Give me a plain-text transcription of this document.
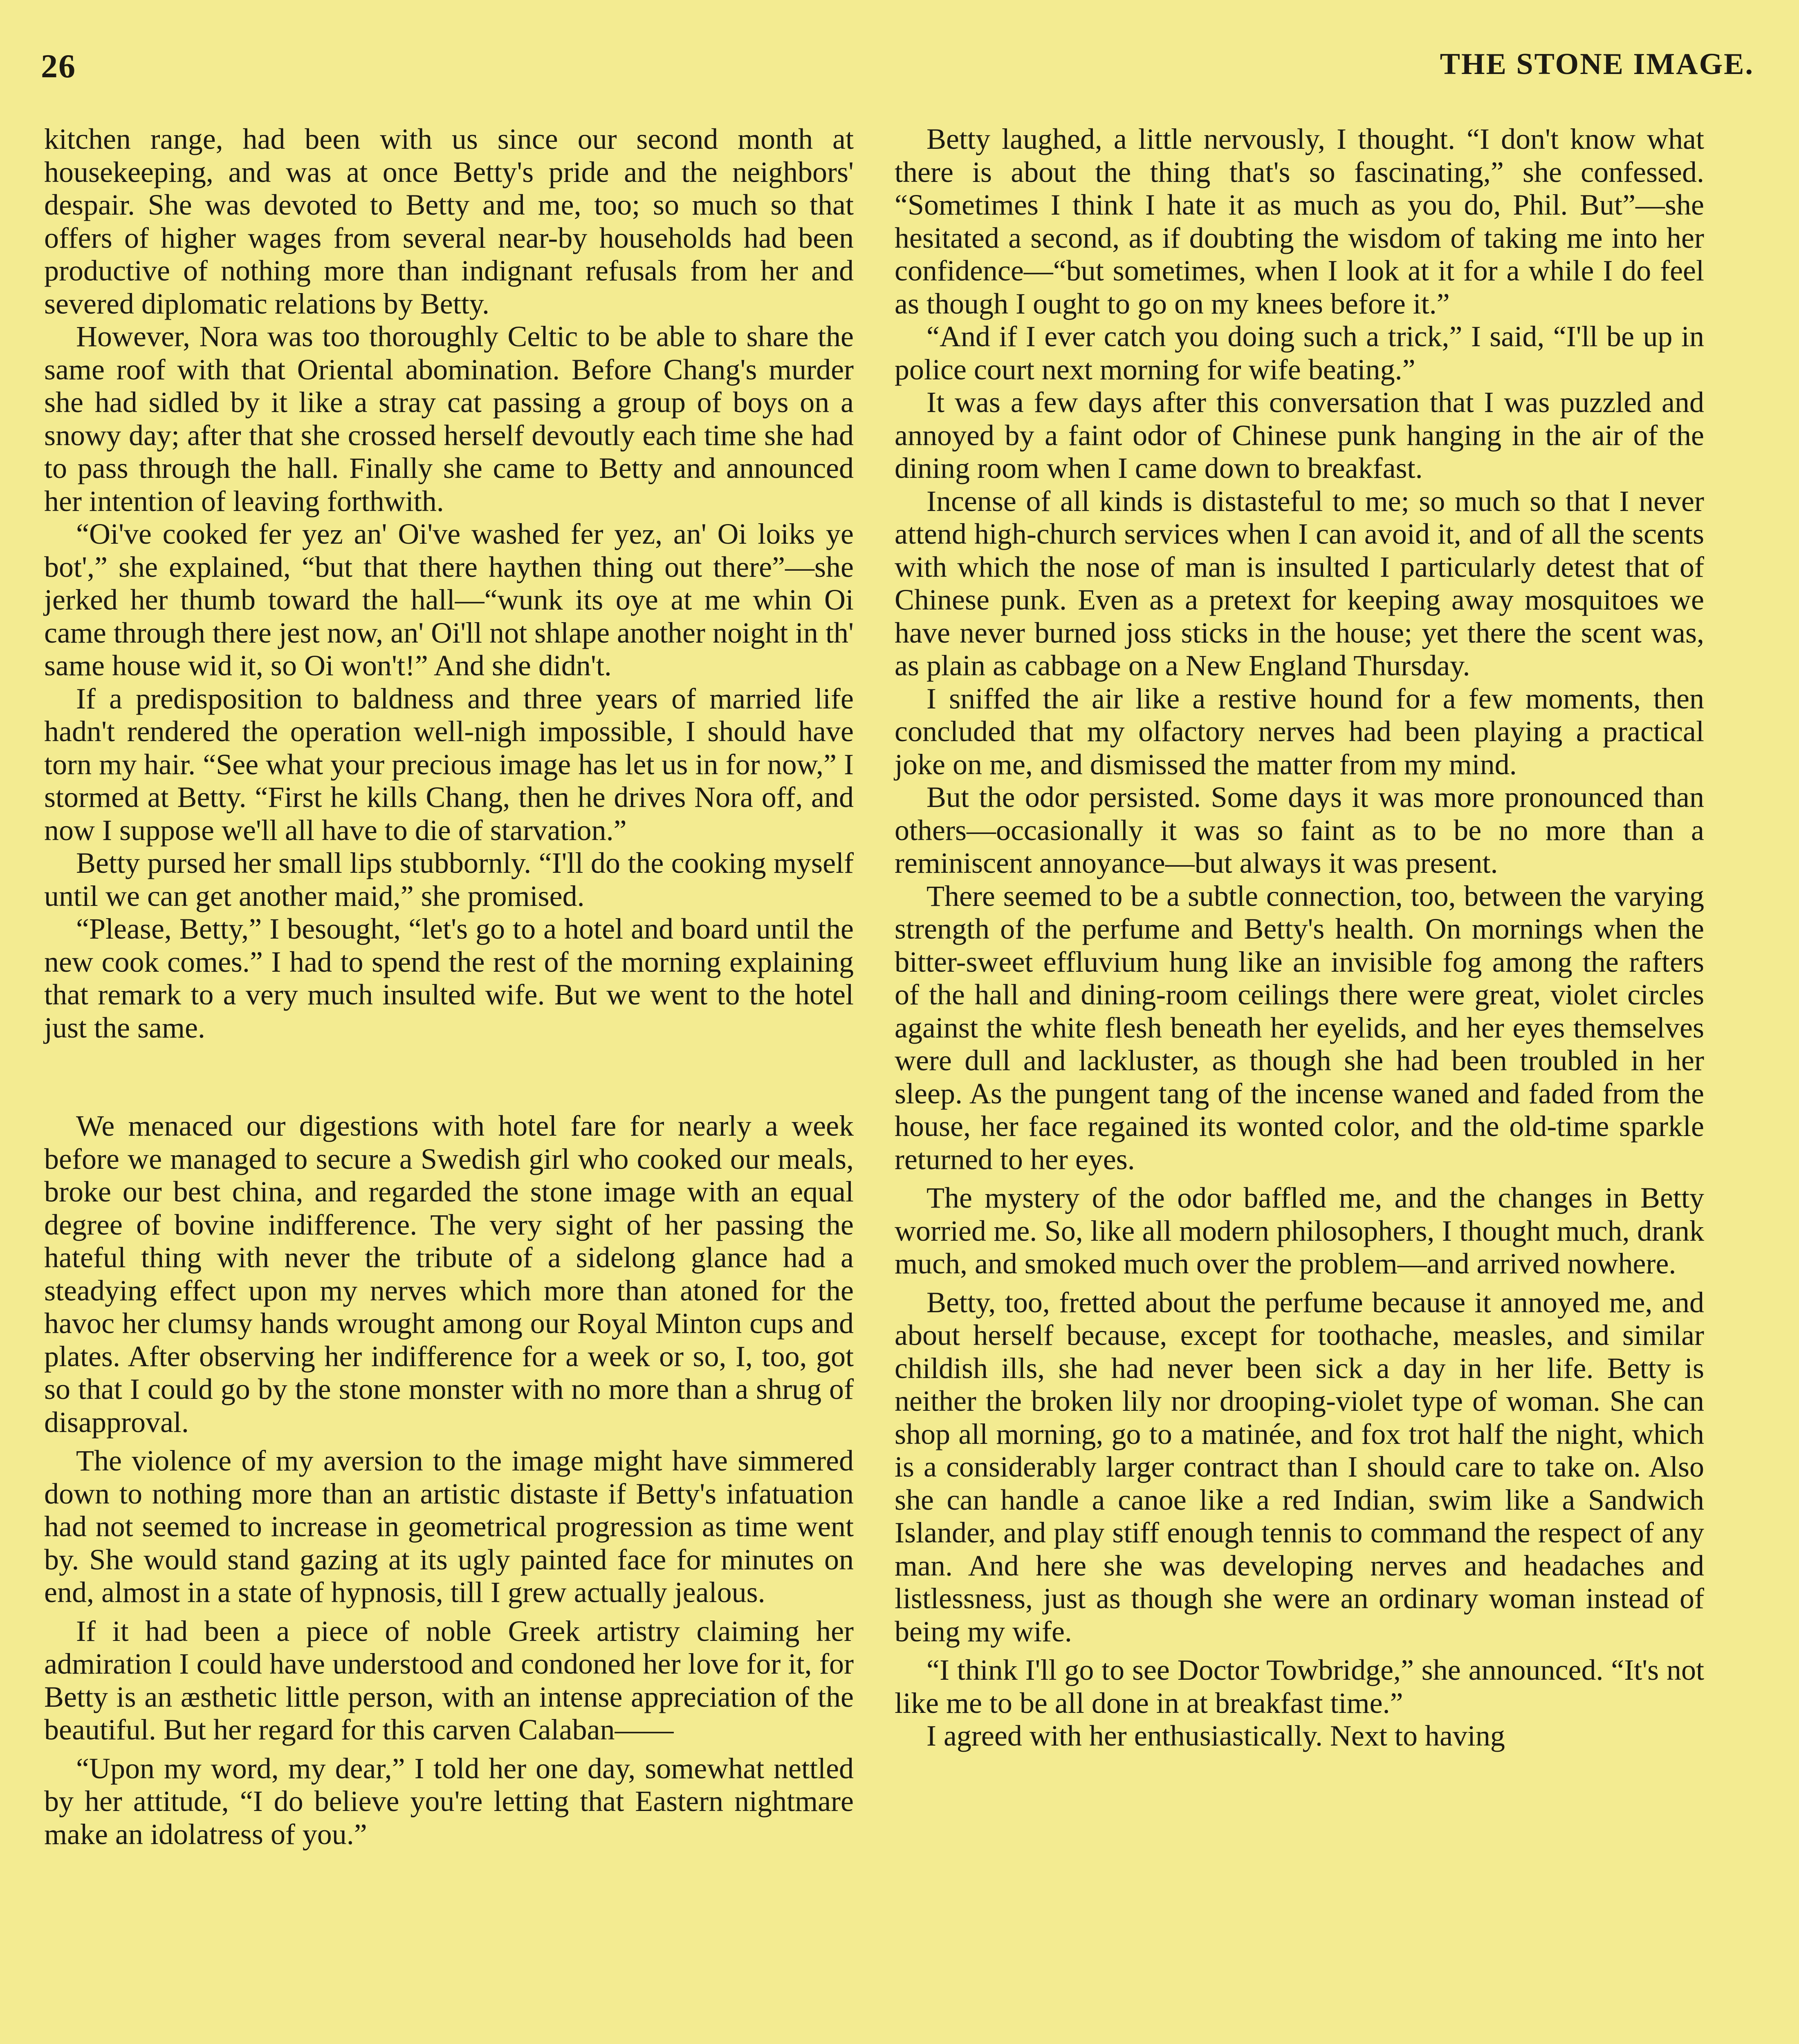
26	THE STONE IMAGE.

kitchen range, had been with us since our second month at housekeeping, and was at once Betty's pride and the neighbors' despair. She was devoted to Betty and me, too; so much so that offers of higher wages from several near-by households had been productive of nothing more than indignant refusals from her and severed diplomatic relations by Betty.

However, Nora was too thoroughly Celtic to be able to share the same roof with that Oriental abomination. Before Chang's murder she had sidled by it like a stray cat passing a group of boys on a snowy day; after that she crossed herself devoutly each time she had to pass through the hall. Finally she came to Betty and announced her intention of leaving forthwith.

“Oi've cooked fer yez an' Oi've washed fer yez, an' Oi loiks ye bot',” she explained, “but that there haythen thing out there”—she jerked her thumb toward the hall—“wunk its oye at me whin Oi came through there jest now, an' Oi'll not shlape another noight in th' same house wid it, so Oi won't!” And she didn't.

If a predisposition to baldness and three years of married life hadn't rendered the operation well-nigh impossible, I should have torn my hair. “See what your precious image has let us in for now,” I stormed at Betty. “First he kills Chang, then he drives Nora off, and now I suppose we'll all have to die of starvation.”

Betty pursed her small lips stubbornly. “I'll do the cooking myself until we can get another maid,” she promised.

“Please, Betty,” I besought, “let's go to a hotel and board until the new cook comes.” I had to spend the rest of the morning explaining that remark to a very much insulted wife. But we went to the hotel just the same.

We menaced our digestions with hotel fare for nearly a week before we managed to secure a Swedish girl who cooked our meals, broke our best china, and regarded the stone image with an equal degree of bovine indifference. The very sight of her passing the hateful thing with never the tribute of a sidelong glance had a steadying effect upon my nerves which more than atoned for the havoc her clumsy hands wrought among our Royal Minton cups and plates. After observing her indifference for a week or so, I, too, got so that I could go by the stone monster with no more than a shrug of disapproval.

The violence of my aversion to the image might have simmered down to nothing more than an artistic distaste if Betty's infatuation had not seemed to increase in geometrical progression as time went by. She would stand gazing at its ugly painted face for minutes on end, almost in a state of hypnosis, till I grew actually jealous.

If it had been a piece of noble Greek artistry claiming her admiration I could have understood and condoned her love for it, for Betty is an æsthetic little person, with an intense appreciation of the beautiful. But her regard for this carven Calaban——

“Upon my word, my dear,” I told her one day, somewhat nettled by her attitude, “I do believe you're letting that Eastern nightmare make an idolatress of you.”

Betty laughed, a little nervously, I thought. “I don't know what there is about the thing that's so fascinating,” she confessed. “Sometimes I think I hate it as much as you do, Phil. But”—she hesitated a second, as if doubting the wisdom of taking me into her confidence—“but sometimes, when I look at it for a while I do feel as though I ought to go on my knees before it.”

“And if I ever catch you doing such a trick,” I said, “I'll be up in police court next morning for wife beating.”

It was a few days after this conversation that I was puzzled and annoyed by a faint odor of Chinese punk hanging in the air of the dining room when I came down to breakfast.

Incense of all kinds is distasteful to me; so much so that I never attend high-church services when I can avoid it, and of all the scents with which the nose of man is insulted I particularly detest that of Chinese punk. Even as a pretext for keeping away mosquitoes we have never burned joss sticks in the house; yet there the scent was, as plain as cabbage on a New England Thursday.

I sniffed the air like a restive hound for a few moments, then concluded that my olfactory nerves had been playing a practical joke on me, and dismissed the matter from my mind.

But the odor persisted. Some days it was more pronounced than others—occasionally it was so faint as to be no more than a reminiscent annoyance—but always it was present.

There seemed to be a subtle connection, too, between the varying strength of the perfume and Betty's health. On mornings when the bitter-sweet effluvium hung like an invisible fog among the rafters of the hall and dining-room ceilings there were great, violet circles against the white flesh beneath her eyelids, and her eyes themselves were dull and lackluster, as though she had been troubled in her sleep. As the pungent tang of the incense waned and faded from the house, her face regained its wonted color, and the old-time sparkle returned to her eyes.

The mystery of the odor baffled me, and the changes in Betty worried me. So, like all modern philosophers, I thought much, drank much, and smoked much over the problem—and arrived nowhere.

Betty, too, fretted about the perfume because it annoyed me, and about herself because, except for toothache, measles, and similar childish ills, she had never been sick a day in her life. Betty is neither the broken lily nor drooping-violet type of woman. She can shop all morning, go to a matinée, and fox trot half the night, which is a considerably larger contract than I should care to take on. Also she can handle a canoe like a red Indian, swim like a Sandwich Islander, and play stiff enough tennis to command the respect of any man. And here she was developing nerves and headaches and listlessness, just as though she were an ordinary woman instead of being my wife.

“I think I'll go to see Doctor Towbridge,” she announced. “It's not like me to be all done in at breakfast time.”

I agreed with her enthusiastically. Next to having
